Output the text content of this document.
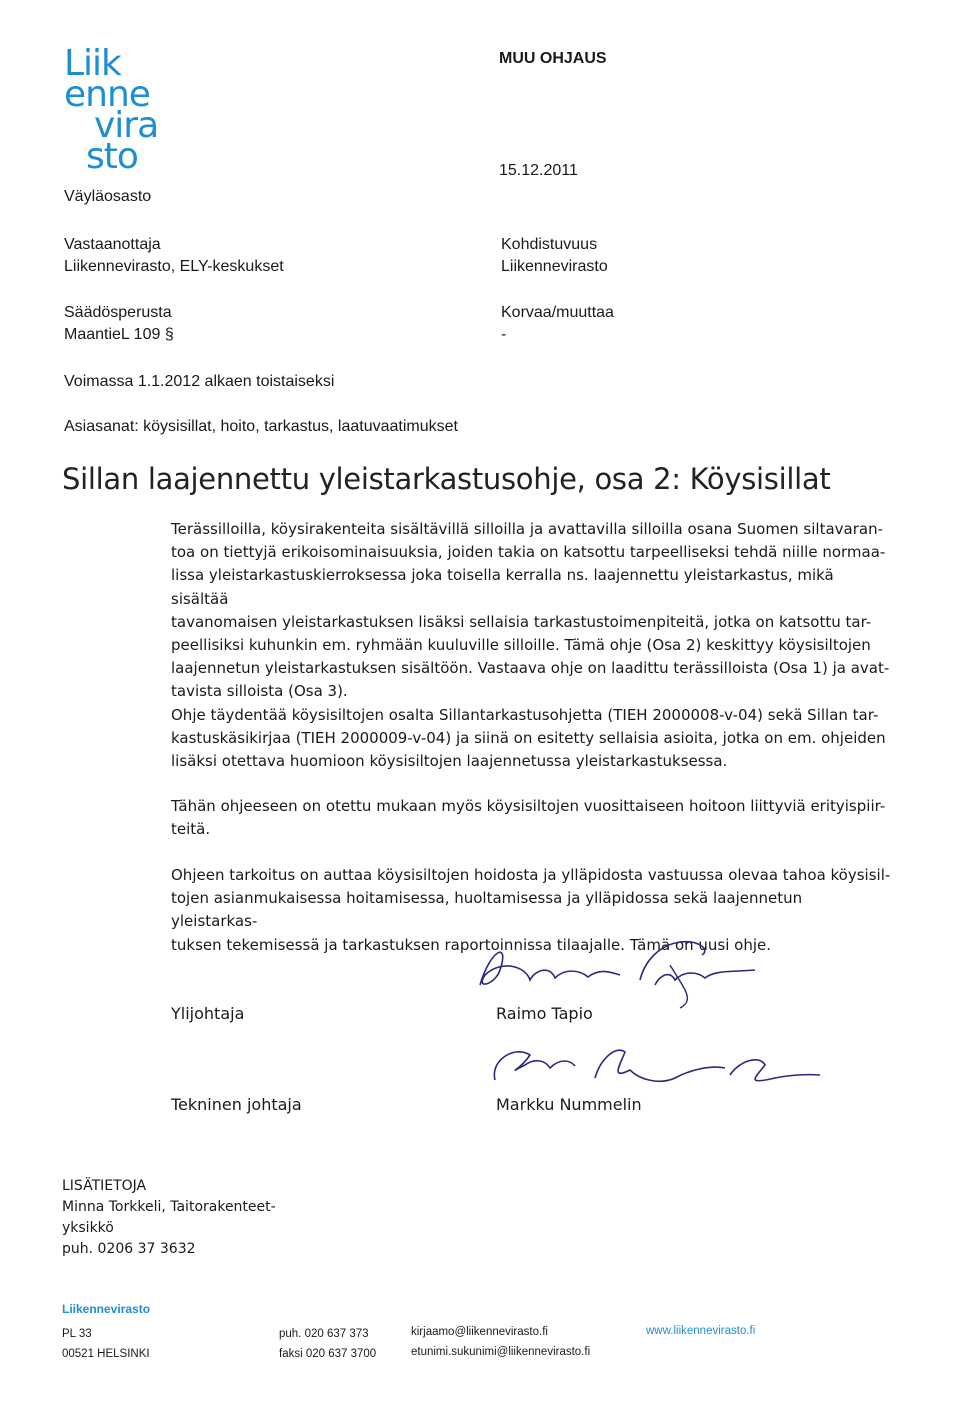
Liik
enne
vira
sto
Väyläosasto
MUU OHJAUS
15.12.2011
Vastaanottaja
Liikennevirasto, ELY-keskukset
Kohdistuvuus
Liikennevirasto
Säädösperusta
MaantieL 109 §
Korvaa/muuttaa
-
Voimassa 1.1.2012 alkaen toistaiseksi
Asiasanat: köysisillat, hoito, tarkastus, laatuvaatimukset
Sillan laajennettu yleistarkastusohje, osa 2: Köysisillat
Terässilloilla, köysirakenteita sisältävillä silloilla ja avattavilla silloilla osana Suomen siltavaran-
toa on tiettyjä erikoisominaisuuksia, joiden takia on katsottu tarpeelliseksi tehdä niille normaa-
lissa yleistarkastuskierroksessa joka toisella kerralla ns. laajennettu yleistarkastus, mikä sisältää
tavanomaisen yleistarkastuksen lisäksi sellaisia tarkastustoimenpiteitä, jotka on katsottu tar-
peellisiksi kuhunkin em. ryhmään kuuluville silloille. Tämä ohje (Osa 2) keskittyy köysisiltojen
laajennetun yleistarkastuksen sisältöön. Vastaava ohje on laadittu terässilloista (Osa 1) ja avat-
tavista silloista (Osa 3).
Ohje täydentää köysisiltojen osalta Sillantarkastusohjetta (TIEH 2000008-v-04) sekä Sillan tar-
kastuskäsikirjaa (TIEH 2000009-v-04) ja siinä on esitetty sellaisia asioita, jotka on em. ohjeiden
lisäksi otettava huomioon köysisiltojen laajennetussa yleistarkastuksessa.
Tähän ohjeeseen on otettu mukaan myös köysisiltojen vuosittaiseen hoitoon liittyviä erityispiir-
teitä.
Ohjeen tarkoitus on auttaa köysisiltojen hoidosta ja ylläpidosta vastuussa olevaa tahoa köysisil-
tojen asianmukaisessa hoitamisessa, huoltamisessa ja ylläpidossa sekä laajennetun yleistarkas-
tuksen tekemisessä ja tarkastuksen raportoinnissa tilaajalle. Tämä on uusi ohje.
Ylijohtaja	Raimo Tapio
Tekninen johtaja	Markku Nummelin
LISÄTIETOJA
Minna Torkkeli, Taitorakenteet-
yksikkö
puh. 0206 37 3632
Liikennevirasto
PL 33
00521 HELSINKI
puh. 020 637 373
faksi 020 637 3700
kirjaamo@liikennevirasto.fi
etunimi.sukunimi@liikennevirasto.fi
www.liikennevirasto.fi
